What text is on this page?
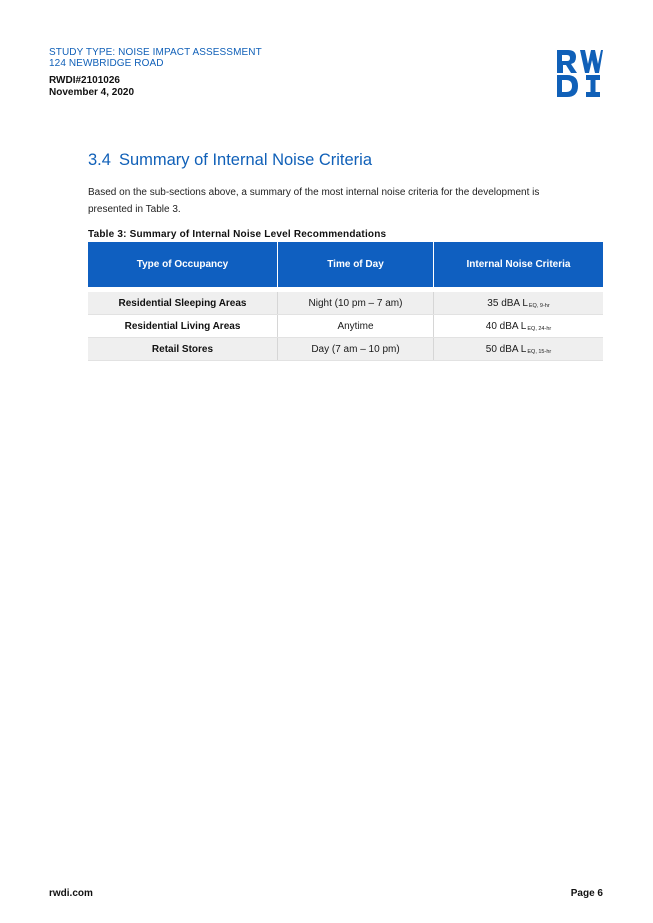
STUDY TYPE: NOISE IMPACT ASSESSMENT
124 NEWBRIDGE ROAD
RWDI#2101026
November 4, 2020
3.4 Summary of Internal Noise Criteria
Based on the sub-sections above, a summary of the most internal noise criteria for the development is presented in Table 3.
Table 3: Summary of Internal Noise Level Recommendations
Type of Occupancy	Time of Day	Internal Noise Criteria
Residential Sleeping Areas	Night (10 pm – 7 am)	35 dBA LEQ, 9-hr
Residential Living Areas	Anytime	40 dBA LEQ, 24-hr
Retail Stores	Day (7 am – 10 pm)	50 dBA LEQ, 15-hr
rwdi.com	Page 6
